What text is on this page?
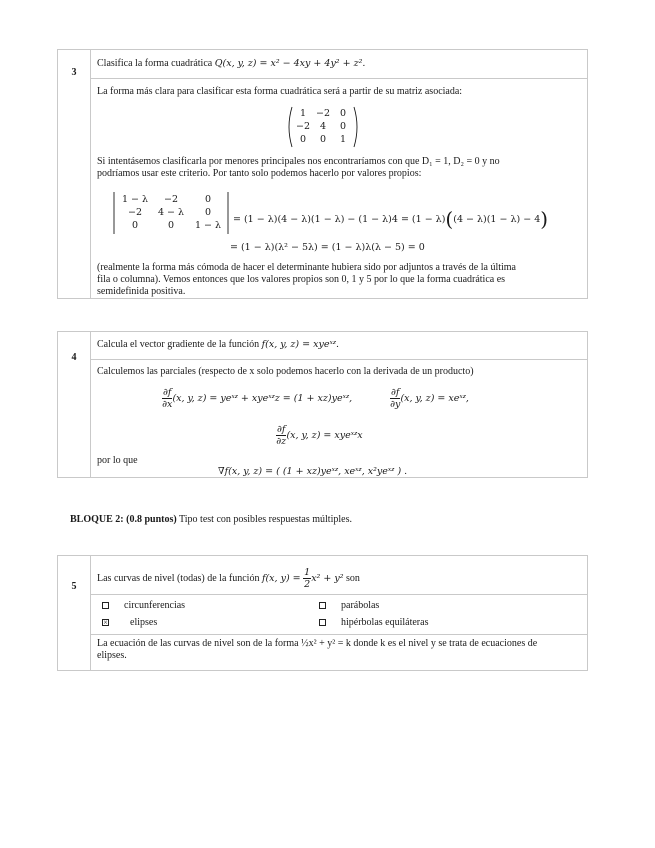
3
Clasifica la forma cuadrática Q(x, y, z) = x² − 4xy + 4y² + z².
La forma más clara para clasificar esta forma cuadrática será a partir de su matriz asociada:
1	−2	0
−2	4	0
0	0	1
Si intentásemos clasificarla por menores principales nos encontraríamos con que D₁ = 1, D₂ = 0 y no
podríamos usar este criterio. Por tanto solo podemos hacerlo por valores propios:
1 − λ	−2	0
−2	4 − λ	0
0	0	1 − λ
= (1 − λ)(4 − λ)(1 − λ) − (1 − λ)4 = (1 − λ)((4 − λ)(1 − λ) − 4)
= (1 − λ)(λ² − 5λ) = (1 − λ)λ(λ − 5) = 0
(realmente la forma más cómoda de hacer el determinante hubiera sido por adjuntos a través de la última
fila o columna). Vemos entonces que los valores propios son 0, 1 y 5 por lo que la forma cuadrática es
semidefinida positiva.
4
Calcula el vector gradiente de la función f(x, y, z) = xyeˣᶻ.
Calculemos las parciales (respecto de x solo podemos hacerlo con la derivada de un producto)
$\frac{\partial f}{\partial x} (x$, y, z) = yeˣᶻ + xyeˣᶻz = (1 + xz)yeˣᶻ,	$\frac{\partial f}{\partial y} (x$, y, z) = xeˣᶻ,
$\frac{\partial f}{\partial z} (x$, y, z) = xyeˣᶻx
por lo que
∇f(x, y, z) = ( (1 + xz)yeˣᶻ, xeˣᶻ, x²yeˣᶻ ) .
BLOQUE 2: (0.8 puntos) Tipo test con posibles respuestas múltiples.
5
Las curvas de nivel (todas) de la función f(x, $y) = \frac{1}{2} x^2 + y^2$ son
circunferencias	parábolas
× elipses	hipérbolas equiláteras
La ecuación de las curvas de nivel son de la forma ½x² + y² = k donde k es el nivel y se trata de ecuaciones de
elipses.
